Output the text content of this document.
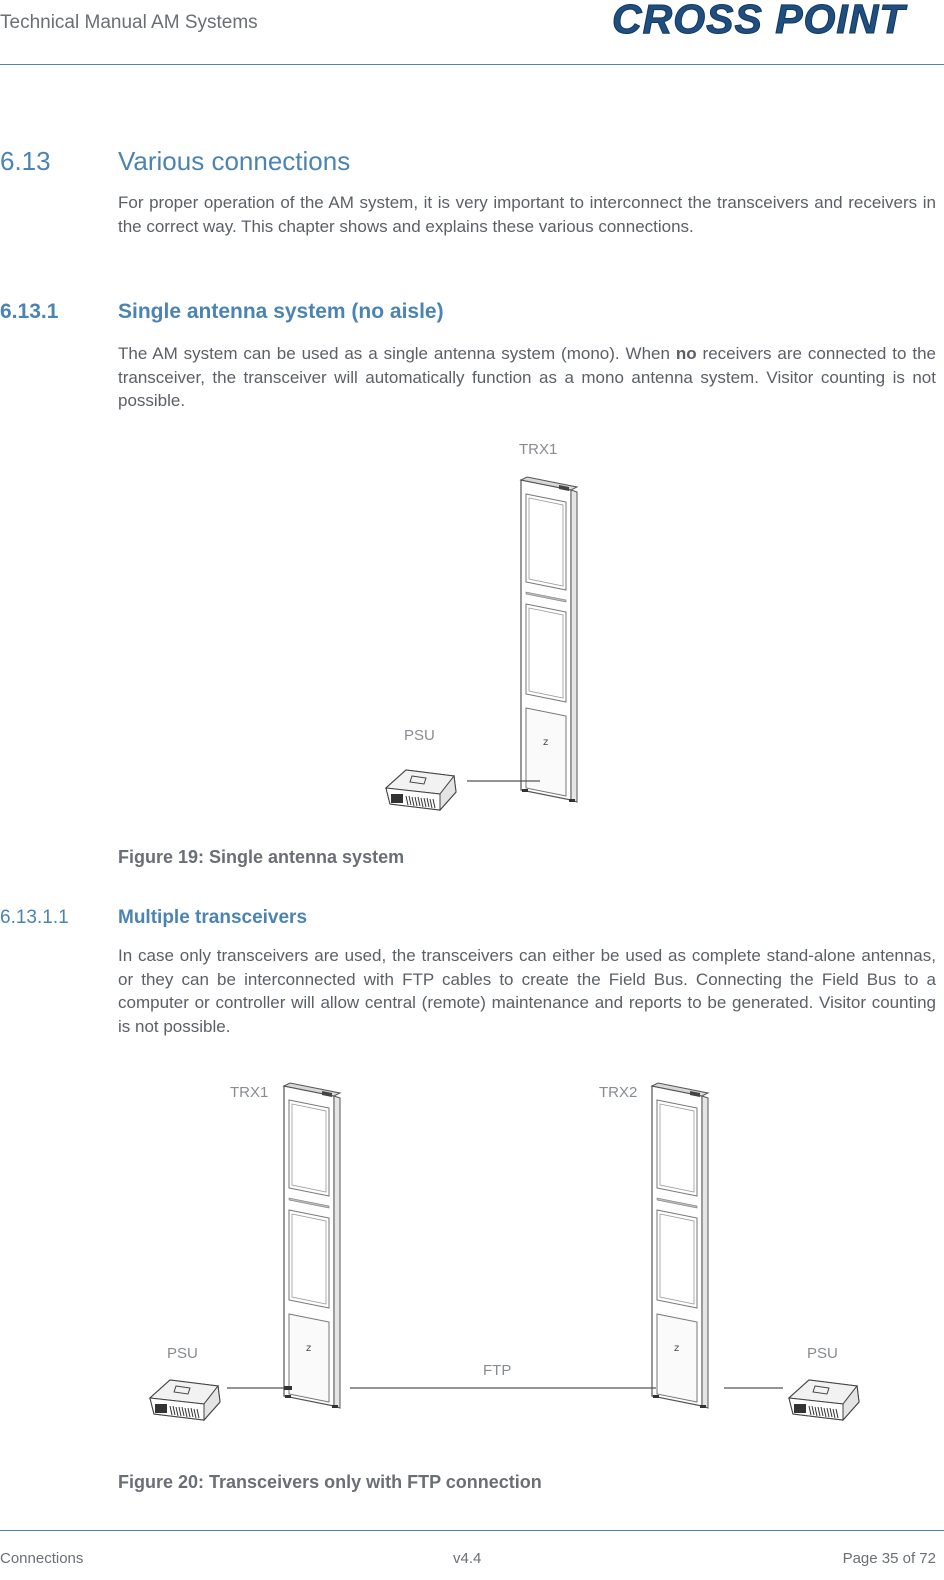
Technical Manual AM Systems	CROSS POINT
6.13	Various connections
For proper operation of the AM system, it is very important to interconnect the transceivers and receivers in the correct way. This chapter shows and explains these various connections.
6.13.1	Single antenna system (no aisle)
The AM system can be used as a single antenna system (mono). When no receivers are connected to the transceiver, the transceiver will automatically function as a mono antenna system. Visitor counting is not possible.
z
TRX1
PSU
Figure 19: Single antenna system
6.13.1.1	Multiple transceivers
In case only transceivers are used, the transceivers can either be used as complete stand-alone antennas, or they can be interconnected with FTP cables to create the Field Bus. Connecting the Field Bus to a computer or controller will allow central (remote) maintenance and reports to be generated. Visitor counting is not possible.
TRX1	TRX2
PSU	PSU
FTP
Figure 20: Transceivers only with FTP connection
Connections	v4.4	Page 35 of 72
